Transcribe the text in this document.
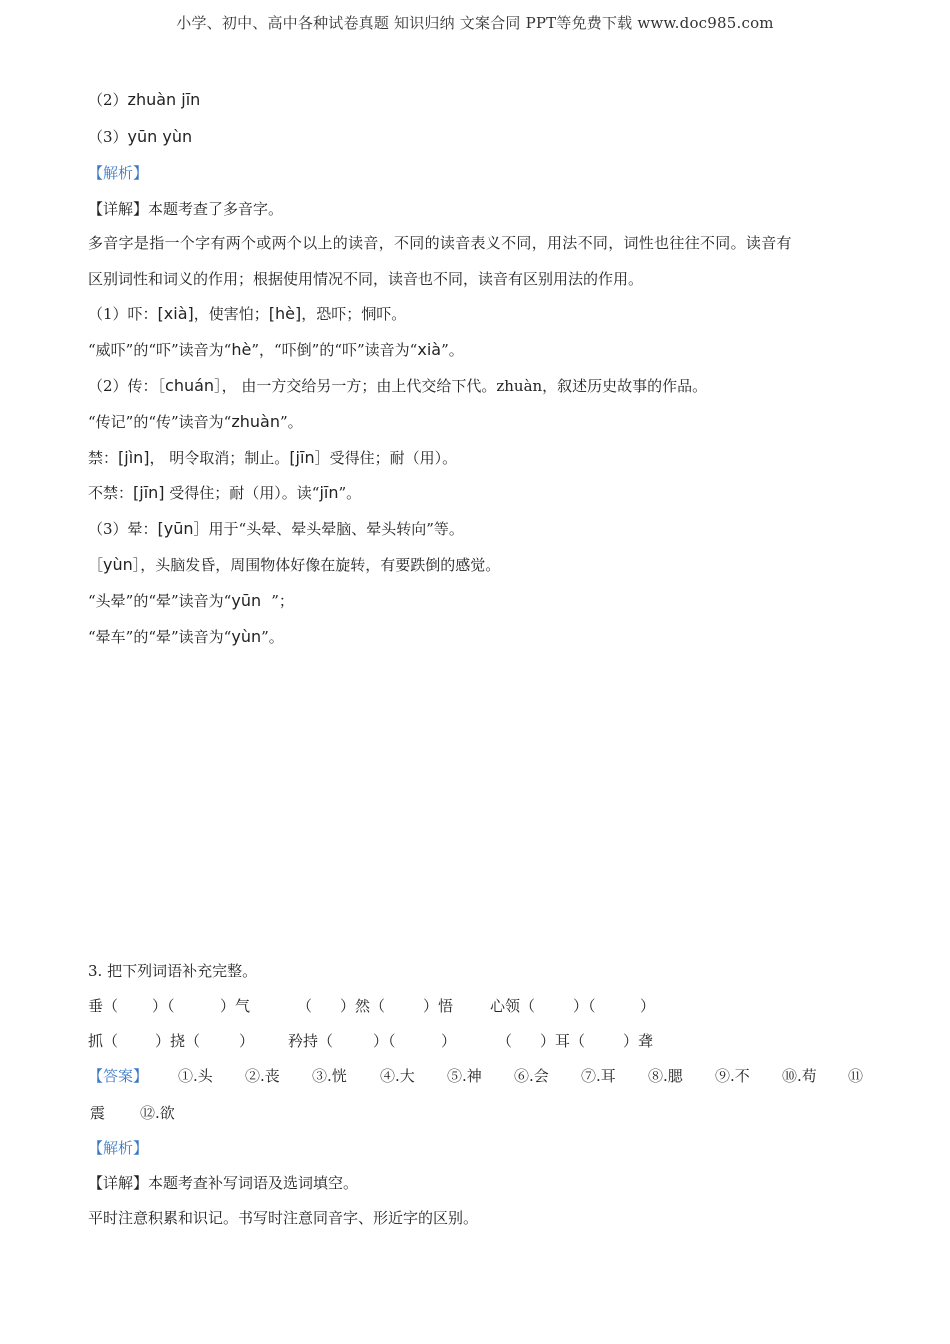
小学、初中、高中各种试卷真题 知识归纳 文案合同 PPT等免费下载 www.doc985.com
（2）zhuàn jīn
（3）yūn yùn
【解析】
【详解】本题考查了多音字。
多音字是指一个字有两个或两个以上的读音，不同的读音表义不同，用法不同，词性也往往不同。读音有
区别词性和词义的作用；根据使用情况不同，读音也不同，读音有区别用法的作用。
（1）吓：[xià]，使害怕；[hè]，恐吓；恫吓。
“威吓”的“吓”读音为“hè”，“吓倒”的“吓”读音为“xià”。
（2）传：［chuán］， 由一方交给另一方；由上代交给下代。zhuàn，叙述历史故事的作品。
“传记”的“传”读音为“zhuàn”。
禁：[jìn]， 明令取消；制止。[jīn］受得住；耐（用）。
不禁：[jīn] 受得住；耐（用）。读“jīn”。
（3）晕：[yūn］用于“头晕、晕头晕脑、晕头转向”等。
［yùn］，头脑发昏，周围物体好像在旋转，有要跌倒的感觉。
“头晕”的“晕”读音为“yūn  ”；
“晕车”的“晕”读音为“yùn”。
3. 把下列词语补充完整。
垂（ ）（	）气	（ ）然（	）悟 心领（	）（	）
抓（ ）挠（	） 矜持（	）（	）	（ ）耳（	）聋
【答案】 ①.头 ②.丧 ③.恍 ④.大 ⑤.神 ⑥.会 ⑦.耳 ⑧.腮 ⑨.不 ⑩.苟 ⑪
震 ⑫.欲
【解析】
【详解】本题考查补写词语及选词填空。
平时注意积累和识记。书写时注意同音字、形近字的区别。
